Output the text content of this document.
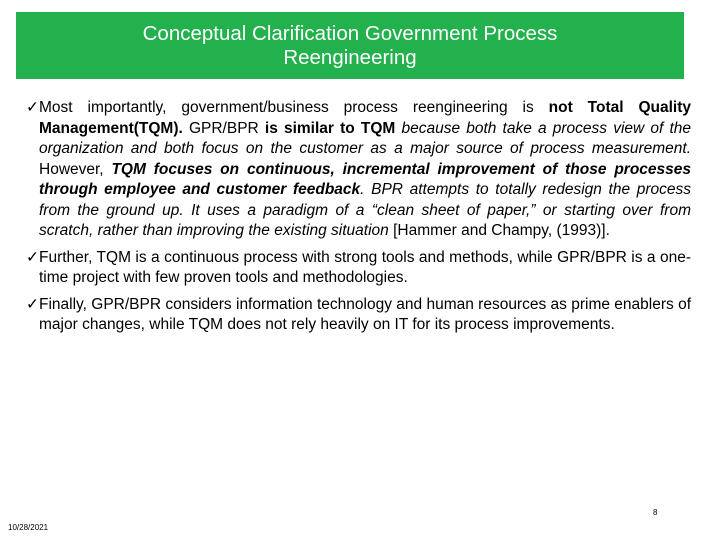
Conceptual Clarification Government Process Reengineering
✓ Most importantly, government/business process reengineering is not Total Quality Management(TQM). GPR/BPR is similar to TQM because both take a process view of the organization and both focus on the customer as a major source of process measurement. However, TQM focuses on continuous, incremental improvement of those processes through employee and customer feedback. BPR attempts to totally redesign the process from the ground up. It uses a paradigm of a “clean sheet of paper,” or starting over from scratch, rather than improving the existing situation [Hammer and Champy, (1993)].
✓ Further, TQM is a continuous process with strong tools and methods, while GPR/BPR is a one-time project with few proven tools and methodologies.
✓ Finally, GPR/BPR considers information technology and human resources as prime enablers of major changes, while TQM does not rely heavily on IT for its process improvements.
8
10/28/2021
